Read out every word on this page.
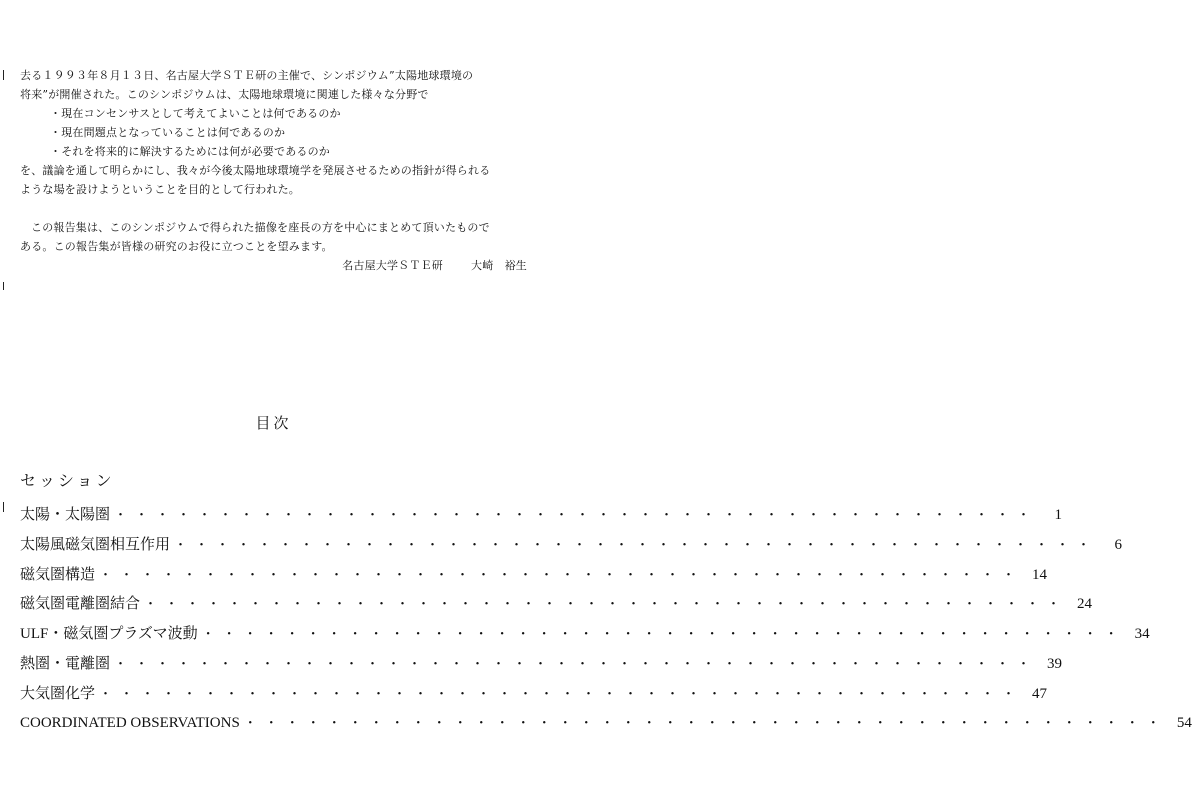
去る１９９３年８月１３日、名古屋大学ＳＴＥ研の主催で、シンポジウム”太陽地球環境の

将来”が開催された。このシンポジウムは、太陽地球環境に関連した様々な分野で

・現在コンセンサスとして考えてよいことは何であるのか

・現在問題点となっていることは何であるのか

・それを将来的に解決するためには何が必要であるのか

を、議論を通して明らかにし、我々が今後太陽地球環境学を発展させるための指針が得られる

ような場を設けようということを目的として行われた。

この報告集は、このシンポジウムで得られた描像を座長の方を中心にまとめて頂いたもので

ある。この報告集が皆様の研究のお役に立つことを望みます。

名古屋大学ＳＴＥ研	大崎　裕生

目次
セッション
太陽・太陽圏 ・・・・・・・・・・・・・・・・・・・・・・・・・・・・・・・・・・・・・・・・・・・・	1
太陽風磁気圏相互作用 ・・・・・・・・・・・・・・・・・・・・・・・・・・・・・・・・・・・・・・・・・・・・	6
磁気圏構造 ・・・・・・・・・・・・・・・・・・・・・・・・・・・・・・・・・・・・・・・・・・・・ 14
磁気圏電離圏結合 ・・・・・・・・・・・・・・・・・・・・・・・・・・・・・・・・・・・・・・・・・・・・ 24
ULF・磁気圏プラズマ波動 ・・・・・・・・・・・・・・・・・・・・・・・・・・・・・・・・・・・・・・・・・・・・ 34
熱圏・電離圏 ・・・・・・・・・・・・・・・・・・・・・・・・・・・・・・・・・・・・・・・・・・・・ 39
大気圏化学 ・・・・・・・・・・・・・・・・・・・・・・・・・・・・・・・・・・・・・・・・・・・・ 47
COORDINATED OBSERVATIONS ・・・・・・・・・・・・・・・・・・・・・・・・・・・・・・・・・・・・・・・・・・・・ 54
